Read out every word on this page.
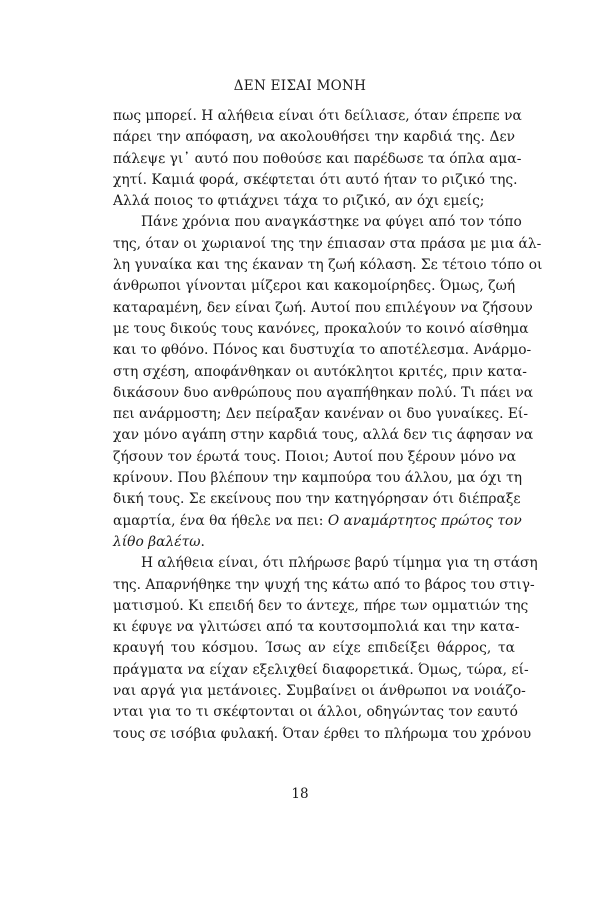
ΔΕΝ ΕΙΣΑΙ ΜΟΝΗ
πως μπορεί. Η αλήθεια είναι ότι δείλιασε, όταν έπρεπε να
πάρει την απόφαση, να ακολουθήσει την καρδιά της. Δεν
πάλεψε γι᾽ αυτό που ποθούσε και παρέδωσε τα όπλα αμα-
χητί. Καμιά φορά, σκέφτεται ότι αυτό ήταν το ριζικό της.
Αλλά ποιος το φτιάχνει τάχα το ριζικό, αν όχι εμείς;
Πάνε χρόνια που αναγκάστηκε να φύγει από τον τόπο
της, όταν οι χωριανοί της την έπιασαν στα πράσα με μια άλ-
λη γυναίκα και της έκαναν τη ζωή κόλαση. Σε τέτοιο τόπο οι
άνθρωποι γίνονται μίζεροι και κακομοίρηδες. Όμως, ζωή
καταραμένη, δεν είναι ζωή. Αυτοί που επιλέγουν να ζήσουν
με τους δικούς τους κανόνες, προκαλούν το κοινό αίσθημα
και το φθόνο. Πόνος και δυστυχία το αποτέλεσμα. Ανάρμο-
στη σχέση, αποφάνθηκαν οι αυτόκλητοι κριτές, πριν κατα-
δικάσουν δυο ανθρώπους που αγαπήθηκαν πολύ. Τι πάει να
πει ανάρμοστη; Δεν πείραξαν κανέναν οι δυο γυναίκες. Εί-
χαν μόνο αγάπη στην καρδιά τους, αλλά δεν τις άφησαν να
ζήσουν τον έρωτά τους. Ποιοι; Αυτοί που ξέρουν μόνο να
κρίνουν. Που βλέπουν την καμπούρα του άλλου, μα όχι τη
δική τους. Σε εκείνους που την κατηγόρησαν ότι διέπραξε
αμαρτία, ένα θα ήθελε να πει: Ο αναμάρτητος πρώτος τον
λίθο βαλέτω.
Η αλήθεια είναι, ότι πλήρωσε βαρύ τίμημα για τη στάση
της. Απαρνήθηκε την ψυχή της κάτω από το βάρος του στιγ-
ματισμού. Κι επειδή δεν το άντεχε, πήρε των ομματιών της
κι έφυγε να γλιτώσει από τα κουτσομπολιά και την κατα-
κραυγή του κόσμου. Ίσως αν είχε επιδείξει θάρρος, τα
πράγματα να είχαν εξελιχθεί διαφορετικά. Όμως, τώρα, εί-
ναι αργά για μετάνοιες. Συμβαίνει οι άνθρωποι να νοιάζο-
νται για το τι σκέφτονται οι άλλοι, οδηγώντας τον εαυτό
τους σε ισόβια φυλακή. Όταν έρθει το πλήρωμα του χρόνου
18
